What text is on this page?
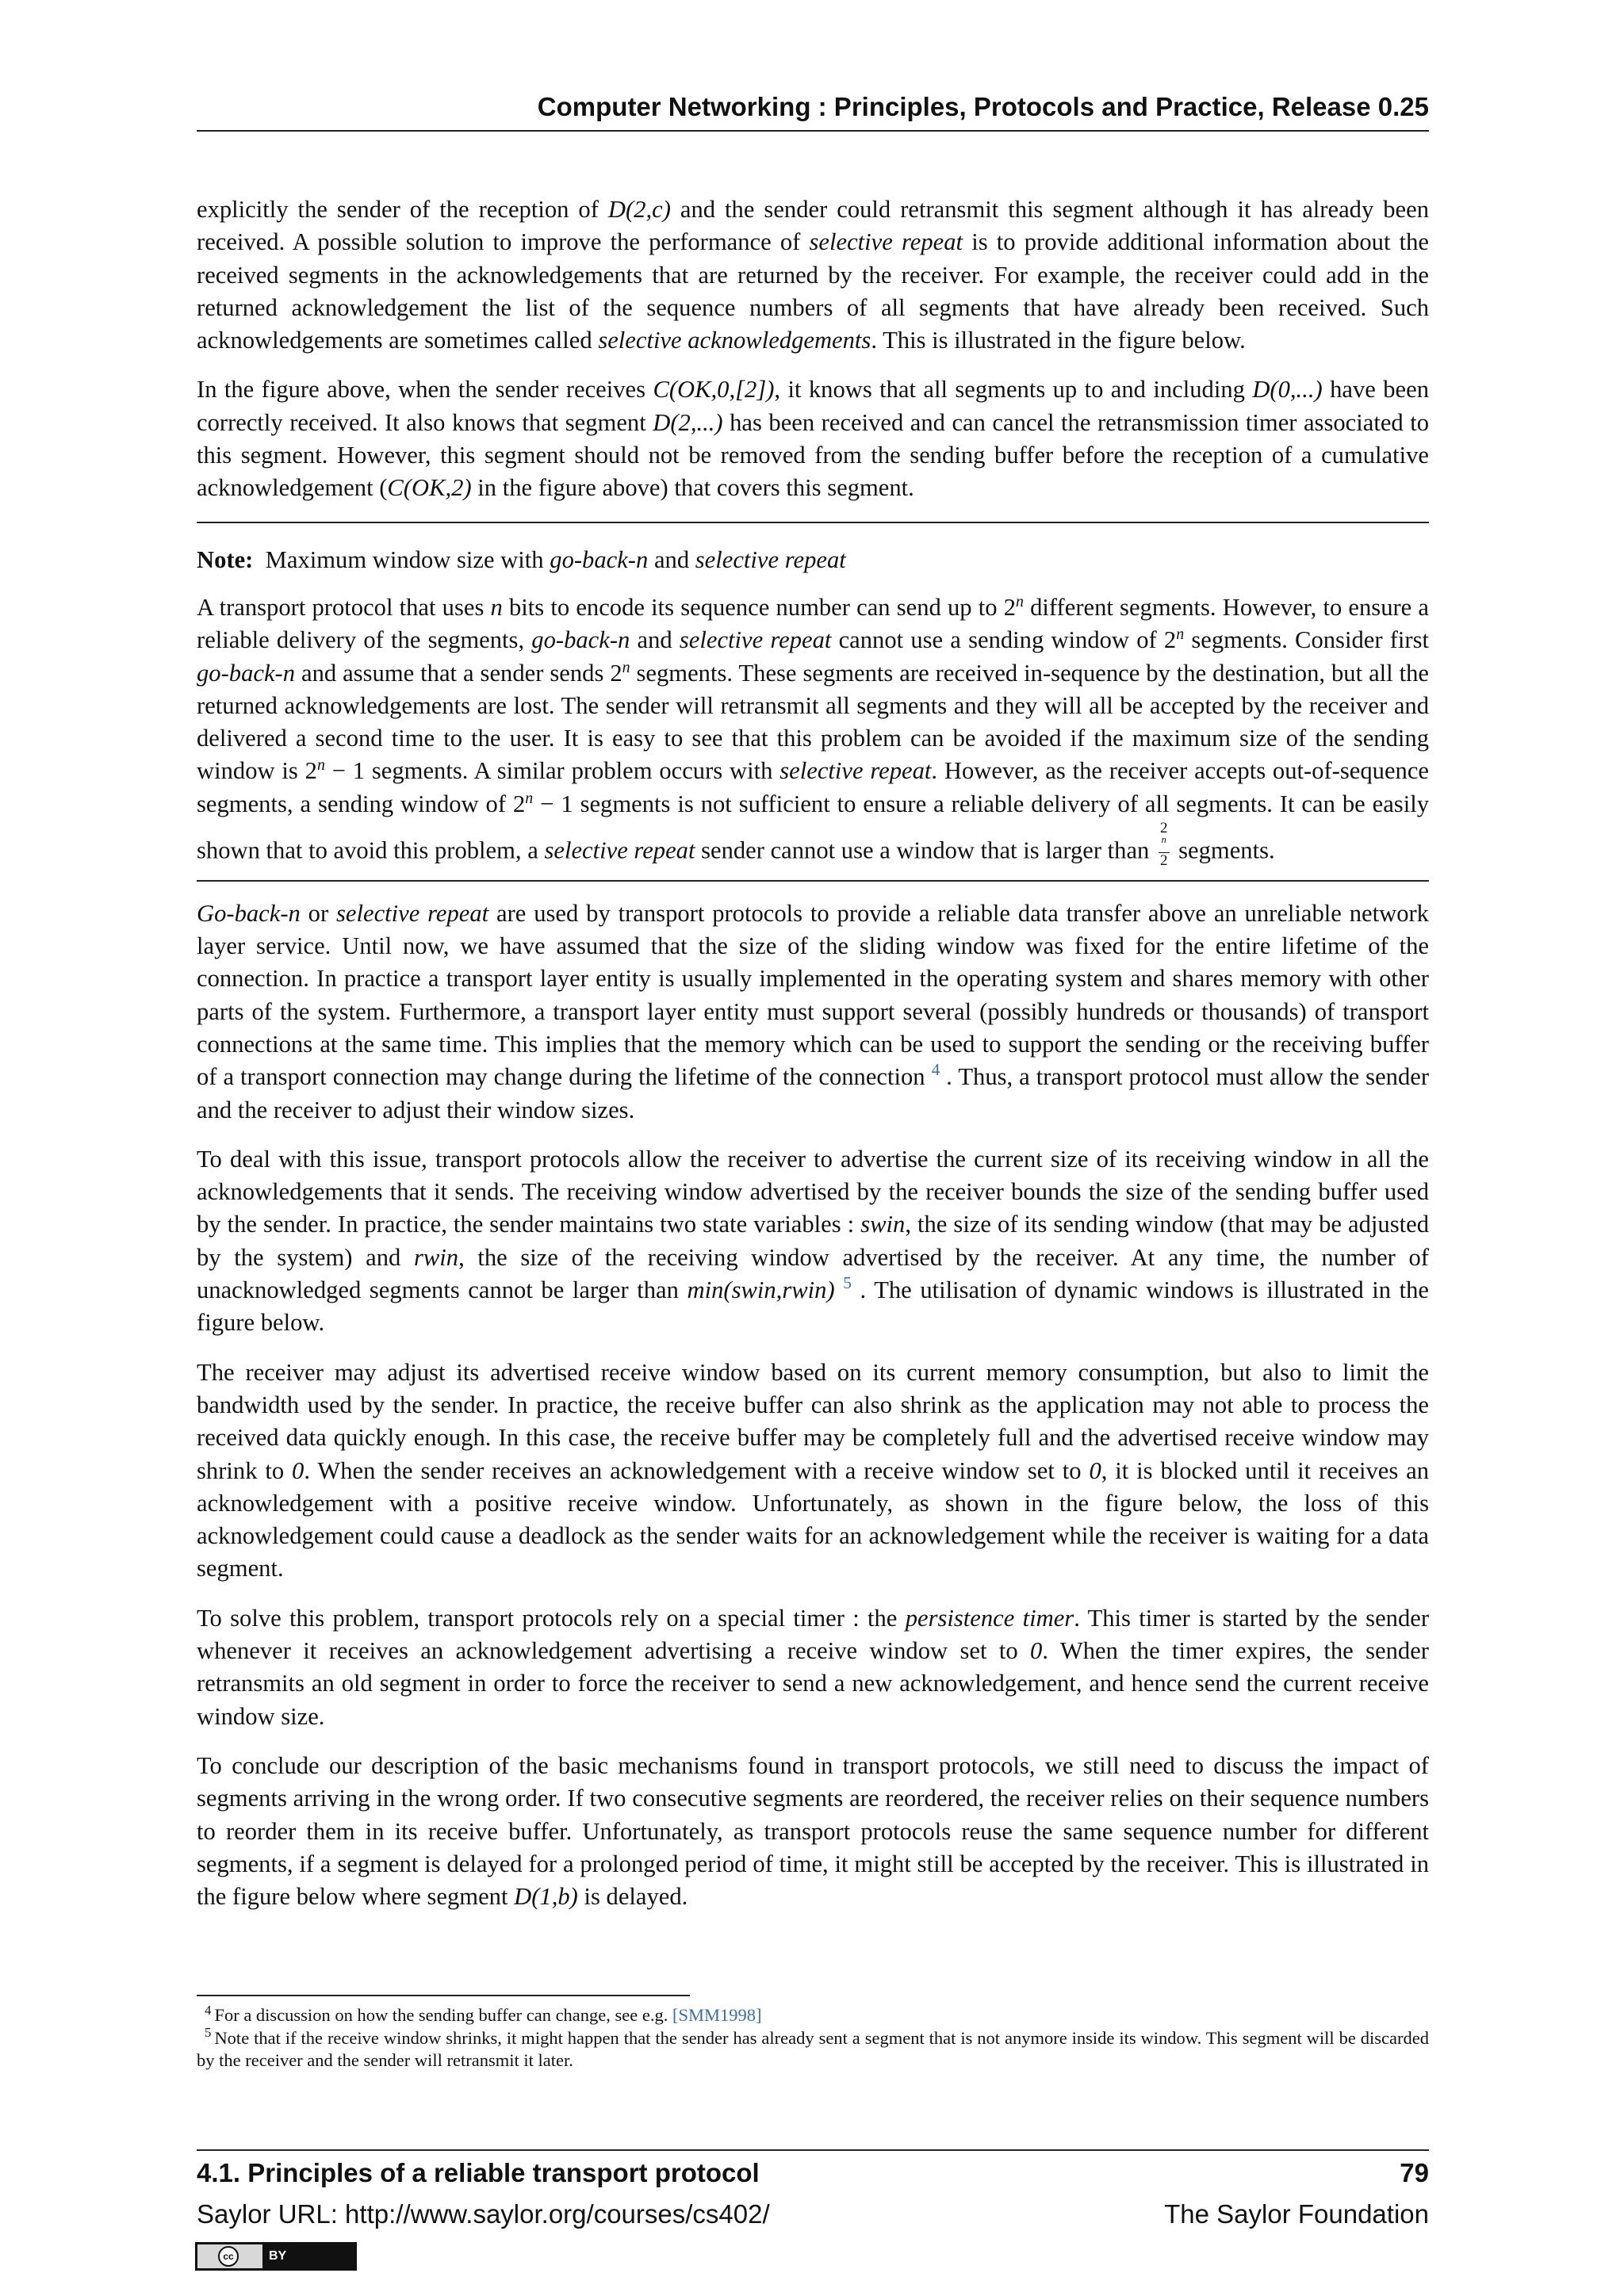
Computer Networking : Principles, Protocols and Practice, Release 0.25

explicitly the sender of the reception of D(2,c) and the sender could retransmit this segment although it has already been received. A possible solution to improve the performance of selective repeat is to provide additional information about the received segments in the acknowledgements that are returned by the receiver. For example, the receiver could add in the returned acknowledgement the list of the sequence numbers of all segments that have already been received. Such acknowledgements are sometimes called selective acknowledgements. This is illustrated in the figure below.

In the figure above, when the sender receives C(OK,0,[2]), it knows that all segments up to and including D(0,...) have been correctly received. It also knows that segment D(2,...) has been received and can cancel the retransmission timer associated to this segment. However, this segment should not be removed from the sending buffer before the reception of a cumulative acknowledgement (C(OK,2) in the figure above) that covers this segment.

Note: Maximum window size with go-back-n and selective repeat

A transport protocol that uses n bits to encode its sequence number can send up to 2$^n$ different segments. However, to ensure a reliable delivery of the segments, go-back-n and selective repeat cannot use a sending window of 2$^n$ segments. Consider first go-back-n and assume that a sender sends 2$^n$ segments. These segments are received in-sequence by the destination, but all the returned acknowledgements are lost. The sender will retransmit all segments and they will all be accepted by the receiver and delivered a second time to the user. It is easy to see that this problem can be avoided if the maximum size of the sending window is $2^n - 1$ segments. A similar problem occurs with selective repeat. However, as the receiver accepts out-of-sequence segments, a sending window of $2^n - 1$ segments is not sufficient to ensure a reliable delivery of all segments. It can be easily shown that to avoid this problem, a selective repeat sender cannot use a window that is larger than 2
$^n$
2 segments.

Go-back-n or selective repeat are used by transport protocols to provide a reliable data transfer above an unreliable network layer service. Until now, we have assumed that the size of the sliding window was fixed for the entire lifetime of the connection. In practice a transport layer entity is usually implemented in the operating system and shares memory with other parts of the system. Furthermore, a transport layer entity must support several (possibly hundreds or thousands) of transport connections at the same time. This implies that the memory which can be used to support the sending or the receiving buffer of a transport connection may change during the lifetime of the connection $^4$ . Thus, a transport protocol must allow the sender and the receiver to adjust their window sizes.

To deal with this issue, transport protocols allow the receiver to advertise the current size of its receiving window in all the acknowledgements that it sends. The receiving window advertised by the receiver bounds the size of the sending buffer used by the sender. In practice, the sender maintains two state variables : swin, the size of its sending window (that may be adjusted by the system) and rwin, the size of the receiving window advertised by the receiver. At any time, the number of unacknowledged segments cannot be larger than min(swin,rwin) $^5$ . The utilisation of dynamic windows is illustrated in the figure below.

The receiver may adjust its advertised receive window based on its current memory consumption, but also to limit the bandwidth used by the sender. In practice, the receive buffer can also shrink as the application may not able to process the received data quickly enough. In this case, the receive buffer may be completely full and the advertised receive window may shrink to 0. When the sender receives an acknowledgement with a receive window set to 0, it is blocked until it receives an acknowledgement with a positive receive window. Unfortunately, as shown in the figure below, the loss of this acknowledgement could cause a deadlock as the sender waits for an acknowledgement while the receiver is waiting for a data segment.

To solve this problem, transport protocols rely on a special timer : the persistence timer. This timer is started by the sender whenever it receives an acknowledgement advertising a receive window set to 0. When the timer expires, the sender retransmits an old segment in order to force the receiver to send a new acknowledgement, and hence send the current receive window size.

To conclude our description of the basic mechanisms found in transport protocols, we still need to discuss the impact of segments arriving in the wrong order. If two consecutive segments are reordered, the receiver relies on their sequence numbers to reorder them in its receive buffer. Unfortunately, as transport protocols reuse the same sequence number for different segments, if a segment is delayed for a prolonged period of time, it might still be accepted by the receiver. This is illustrated in the figure below where segment D(1,b) is delayed.

$^4$ For a discussion on how the sending buffer can change, see e.g. [SMM1998]

$^5$ Note that if the receive window shrinks, it might happen that the sender has already sent a segment that is not anymore inside its window. This segment will be discarded by the receiver and the sender will retransmit it later.

4.1. Principles of a reliable transport protocol	79
Saylor URL: http://www.saylor.org/courses/cs402/	The Saylor Foundation
cc	BY
